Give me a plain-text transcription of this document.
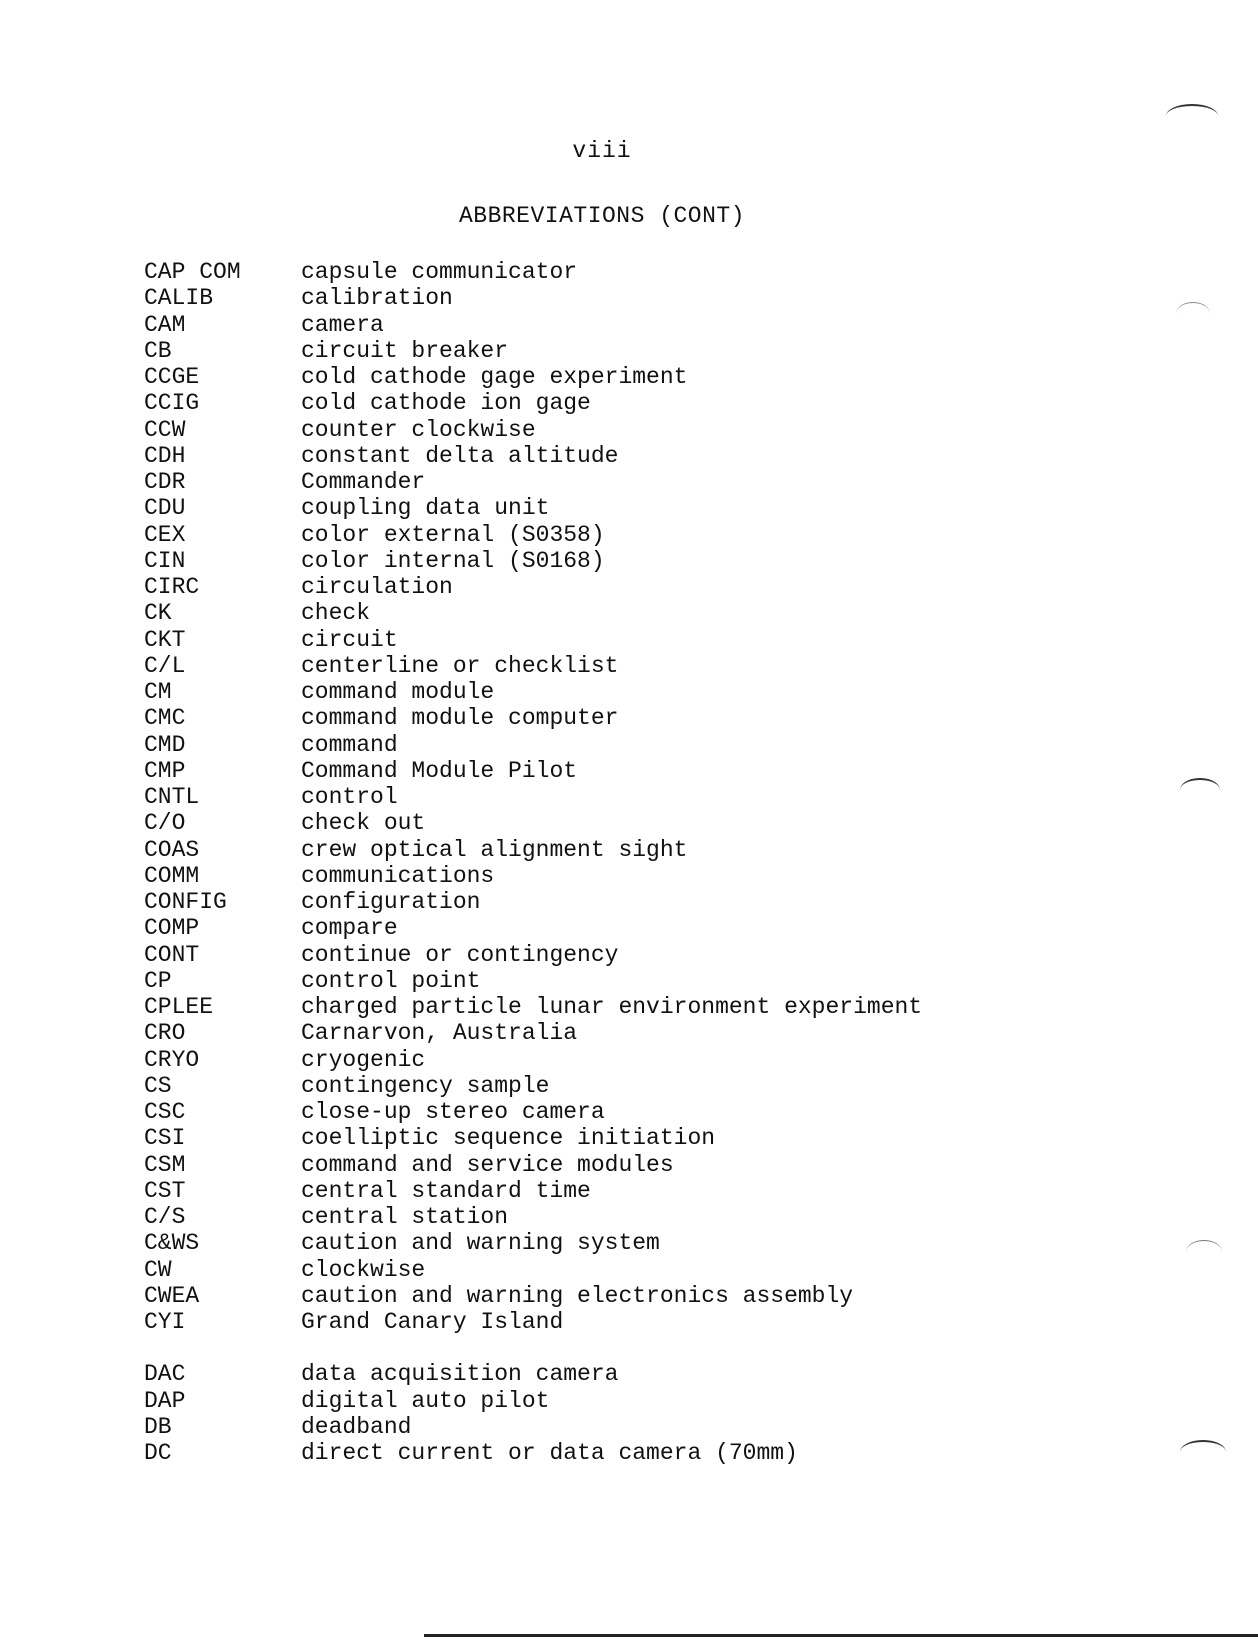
viii
ABBREVIATIONS (CONT)
CAP COM	capsule communicator
CALIB	calibration
CAM	camera
CB	circuit breaker
CCGE	cold cathode gage experiment
CCIG	cold cathode ion gage
CCW	counter clockwise
CDH	constant delta altitude
CDR	Commander
CDU	coupling data unit
CEX	color external (S0358)
CIN	color internal (S0168)
CIRC	circulation
CK	check
CKT	circuit
C/L	centerline or checklist
CM	command module
CMC	command module computer
CMD	command
CMP	Command Module Pilot
CNTL	control
C/O	check out
COAS	crew optical alignment sight
COMM	communications
CONFIG	configuration
COMP	compare
CONT	continue or contingency
CP	control point
CPLEE	charged particle lunar environment experiment
CRO	Carnarvon, Australia
CRYO	cryogenic
CS	contingency sample
CSC	close-up stereo camera
CSI	coelliptic sequence initiation
CSM	command and service modules
CST	central standard time
C/S	central station
C&WS	caution and warning system
CW	clockwise
CWEA	caution and warning electronics assembly
CYI	Grand Canary Island
DAC	data acquisition camera
DAP	digital auto pilot
DB	deadband
DC	direct current or data camera (70mm)
